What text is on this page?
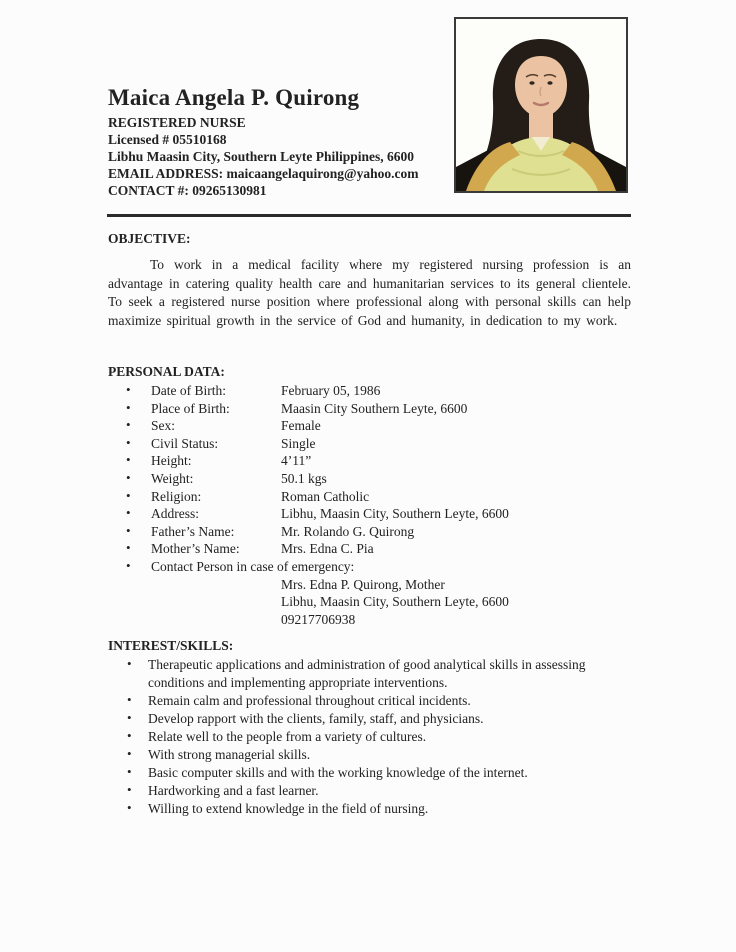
Maica Angela P. Quirong
REGISTERED NURSE
Licensed # 05510168
Libhu Maasin City, Southern Leyte Philippines, 6600
EMAIL ADDRESS: maicaangelaquirong@yahoo.com
CONTACT #: 09265130981
OBJECTIVE:
To work in a medical facility where my registered nursing profession is an advantage in catering quality health care and humanitarian services to its general clientele. To seek a registered nurse position where professional along with personal skills can help maximize spiritual growth in the service of God and humanity, in dedication to my work.
PERSONAL DATA:
• Date of Birth:	February 05, 1986
• Place of Birth:	Maasin City Southern Leyte, 6600
• Sex:	Female
• Civil Status:	Single
• Height:	4’11”
• Weight:	50.1 kgs
• Religion:	Roman Catholic
• Address:	Libhu, Maasin City, Southern Leyte, 6600
• Father’s Name:	Mr. Rolando G. Quirong
• Mother’s Name:	Mrs. Edna C. Pia
• Contact Person in case of emergency:
Mrs. Edna P. Quirong, Mother
Libhu, Maasin City, Southern Leyte, 6600
09217706938
INTEREST/SKILLS:
• Therapeutic applications and administration of good analytical skills in assessing conditions and implementing appropriate interventions.
• Remain calm and professional throughout critical incidents.
• Develop rapport with the clients, family, staff, and physicians.
• Relate well to the people from a variety of cultures.
• With strong managerial skills.
• Basic computer skills and with the working knowledge of the internet.
• Hardworking and a fast learner.
• Willing to extend knowledge in the field of nursing.
